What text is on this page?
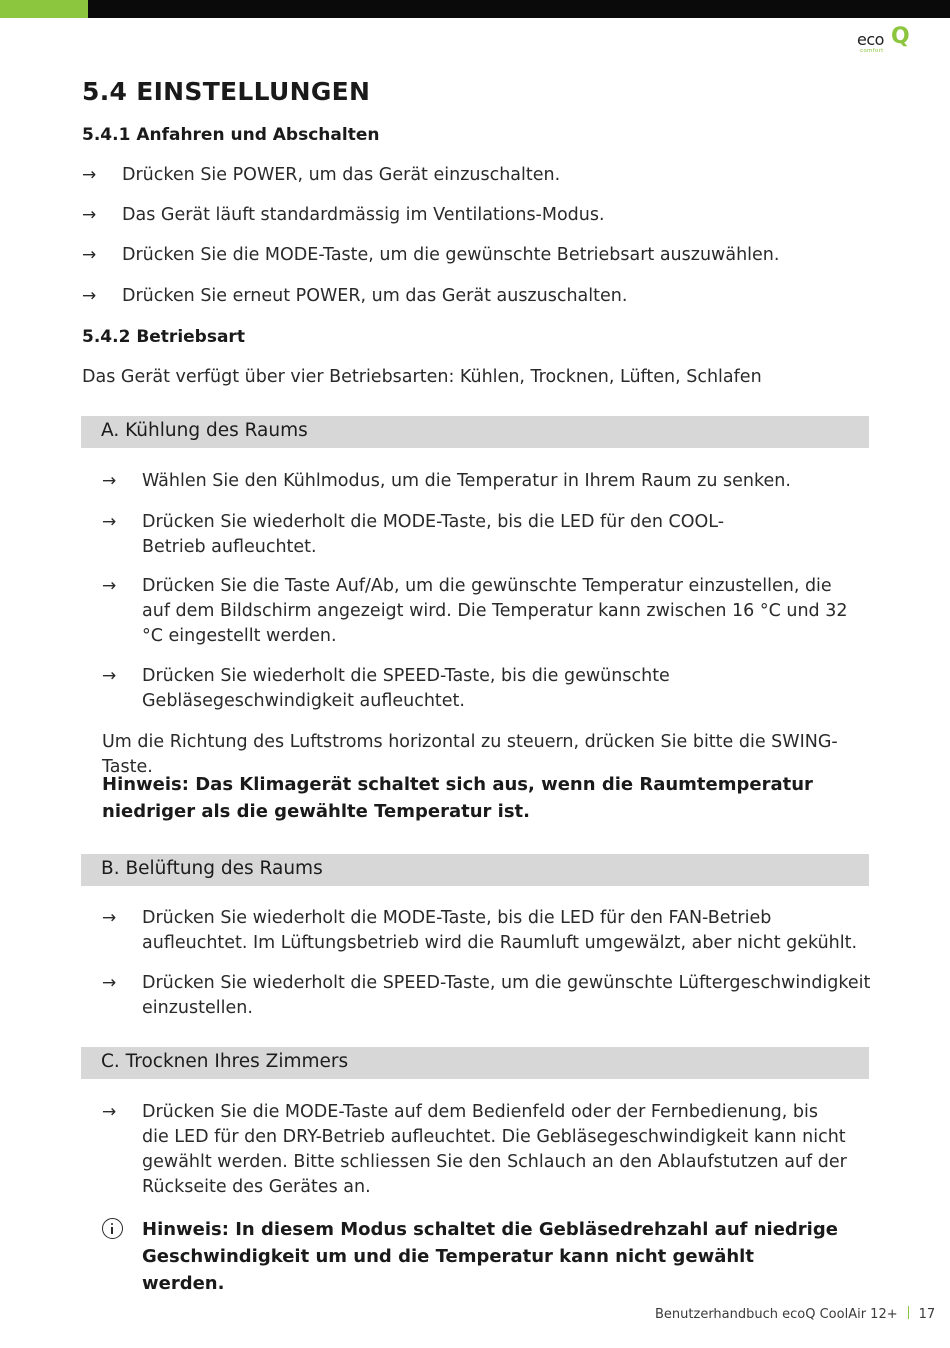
eco Q
comfort
5.4 EINSTELLUNGEN
5.4.1 Anfahren und Abschalten
→ Drücken Sie POWER, um das Gerät einzuschalten.
→ Das Gerät läuft standardmässig im Ventilations-Modus.
→ Drücken Sie die MODE-Taste, um die gewünschte Betriebsart auszuwählen.
→ Drücken Sie erneut POWER, um das Gerät auszuschalten.
5.4.2 Betriebsart
Das Gerät verfügt über vier Betriebsarten: Kühlen, Trocknen, Lüften, Schlafen
A. Kühlung des Raums
→ Wählen Sie den Kühlmodus, um die Temperatur in Ihrem Raum zu senken.
→ Drücken Sie wiederholt die MODE-Taste, bis die LED für den COOL-Betrieb aufleuchtet.
→ Drücken Sie die Taste Auf/Ab, um die gewünschte Temperatur einzustellen, die auf dem Bildschirm angezeigt wird. Die Temperatur kann zwischen 16 °C und 32 °C eingestellt werden.
→ Drücken Sie wiederholt die SPEED-Taste, bis die gewünschte Gebläsegeschwindigkeit aufleuchtet.
Um die Richtung des Luftstroms horizontal zu steuern, drücken Sie bitte die SWING-Taste.
Hinweis: Das Klimagerät schaltet sich aus, wenn die Raumtemperatur niedriger als die gewählte Temperatur ist.
B. Belüftung des Raums
→ Drücken Sie wiederholt die MODE-Taste, bis die LED für den FAN-Betrieb aufleuchtet. Im Lüftungsbetrieb wird die Raumluft umgewälzt, aber nicht gekühlt.
→ Drücken Sie wiederholt die SPEED-Taste, um die gewünschte Lüftergeschwindigkeit einzustellen.
C. Trocknen Ihres Zimmers
→ Drücken Sie die MODE-Taste auf dem Bedienfeld oder der Fernbedienung, bis die LED für den DRY-Betrieb aufleuchtet. Die Gebläsegeschwindigkeit kann nicht gewählt werden. Bitte schliessen Sie den Schlauch an den Ablaufstutzen auf der Rückseite des Gerätes an.
Hinweis: In diesem Modus schaltet die Gebläsedrehzahl auf niedrige Geschwindigkeit um und die Temperatur kann nicht gewählt werden.
Benutzerhandbuch ecoQ CoolAir 12+ 17
